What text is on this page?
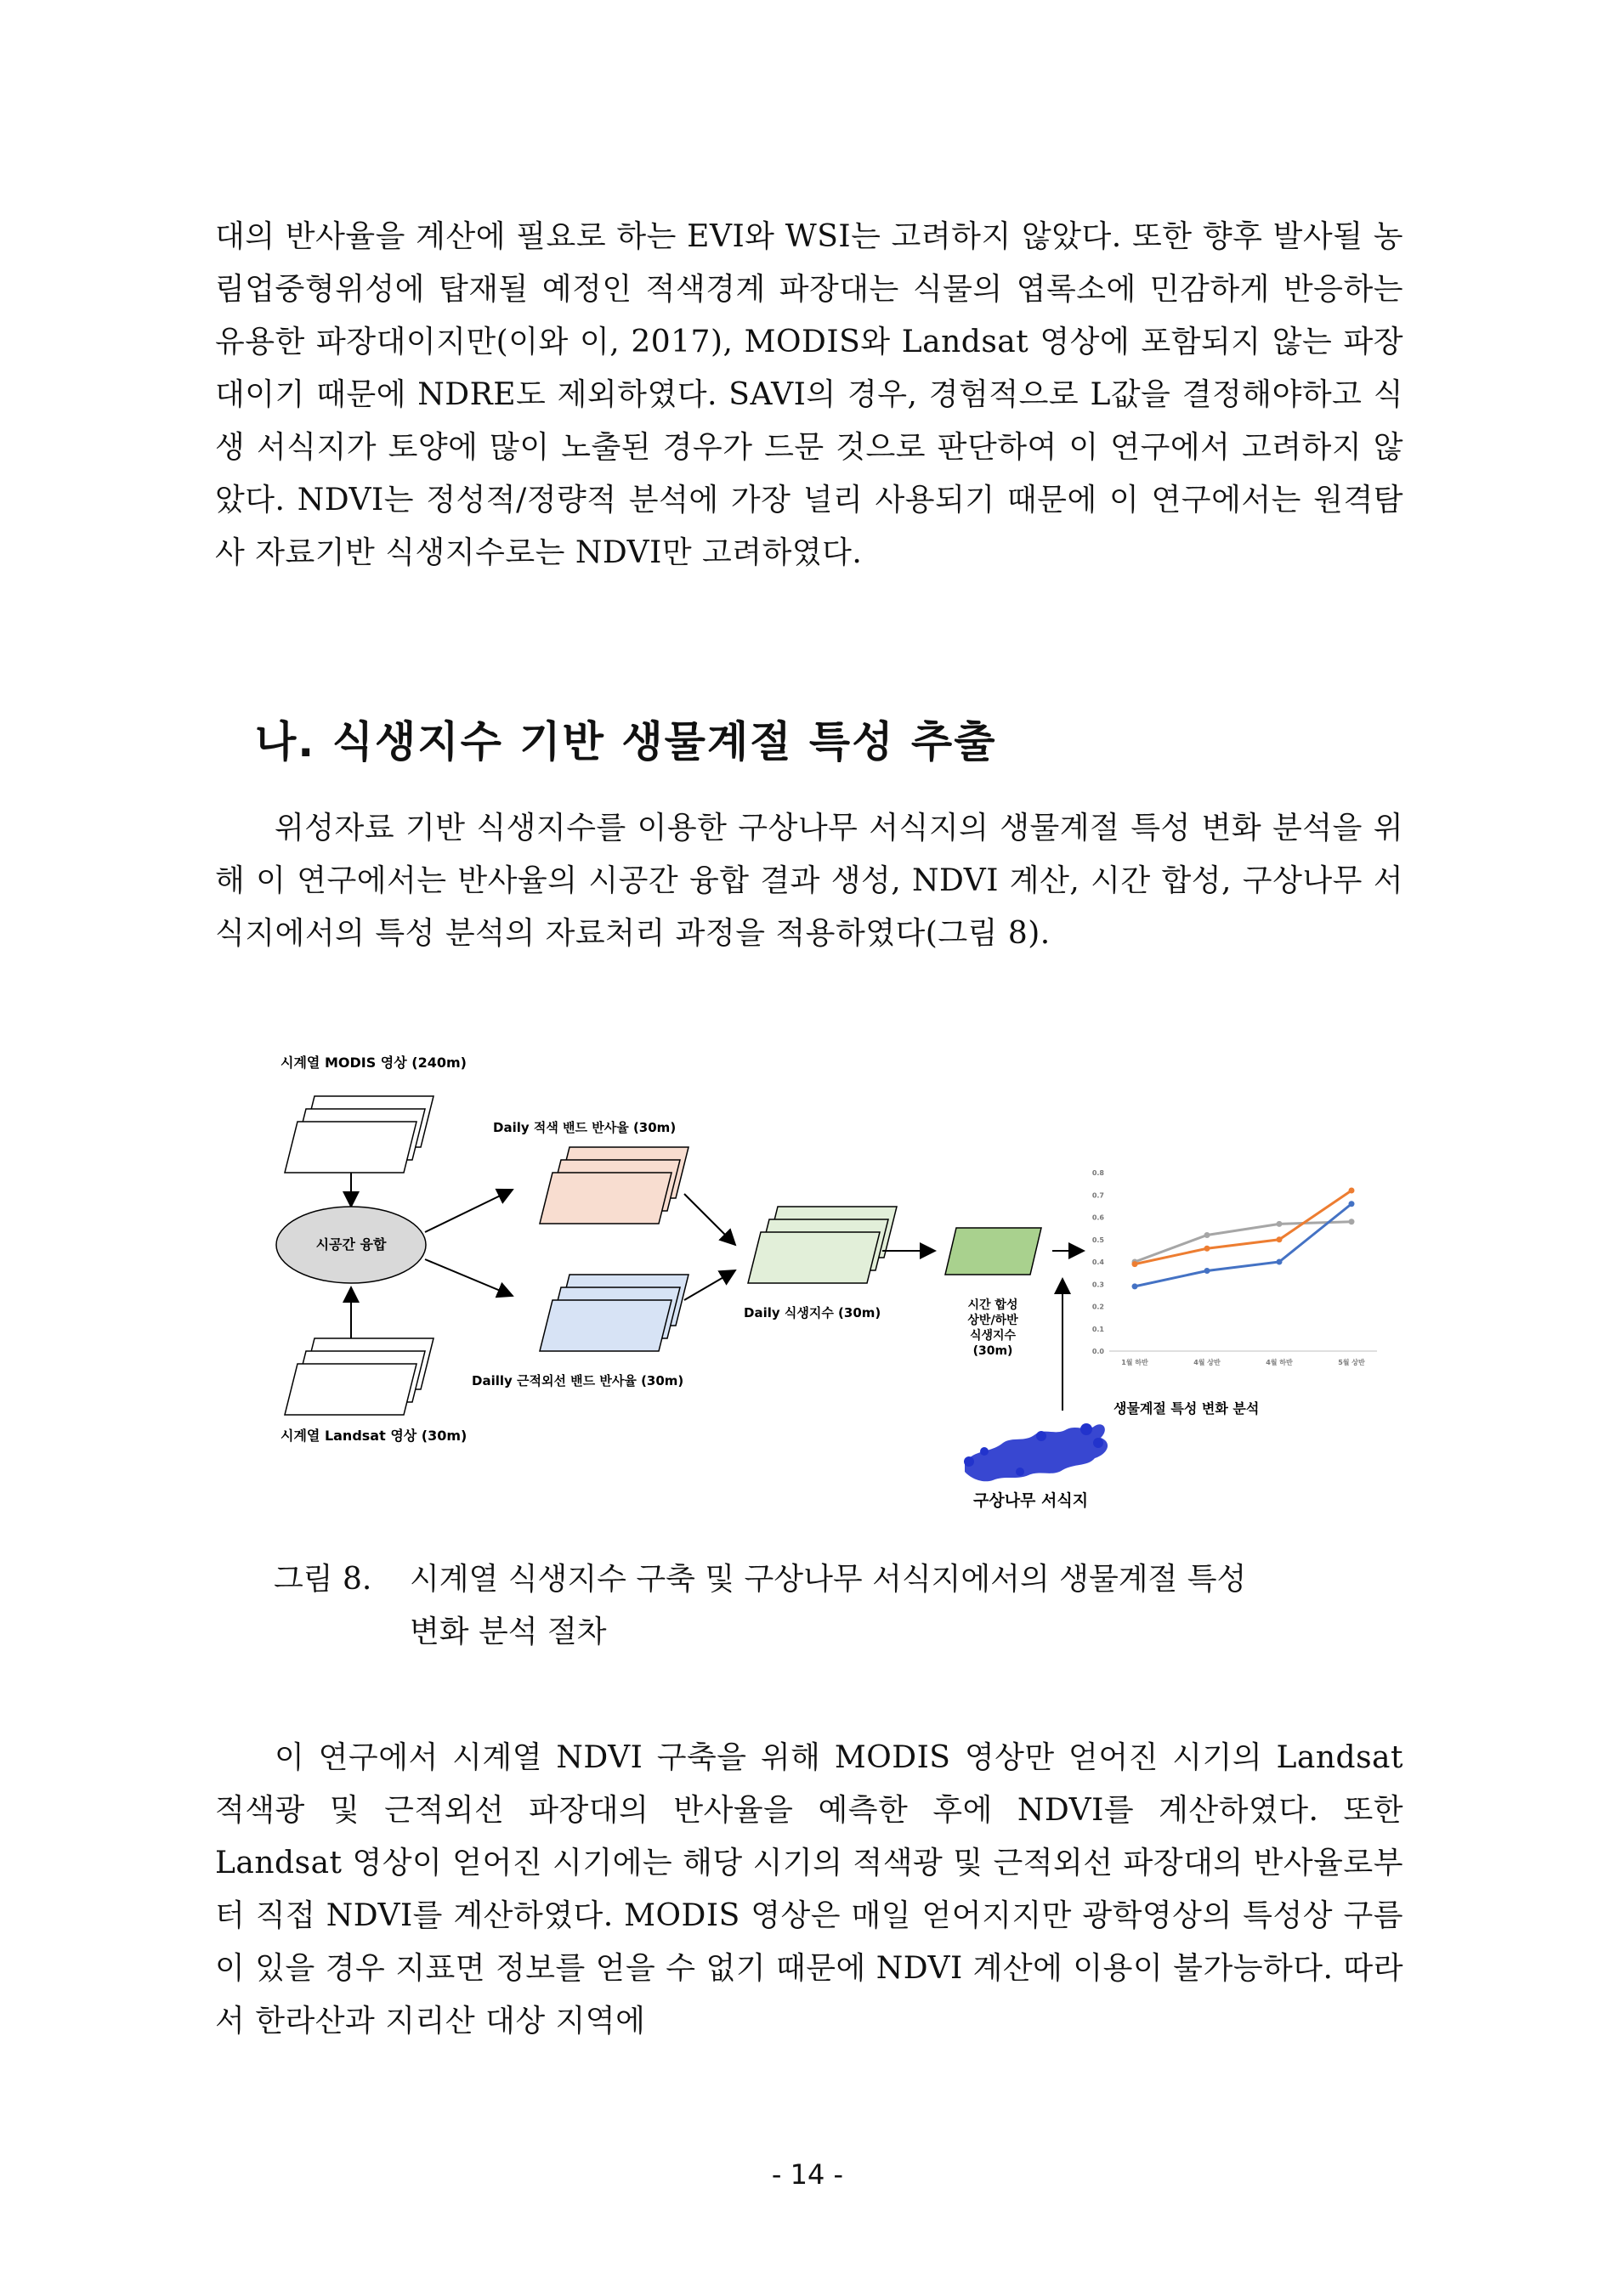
대의 반사율을 계산에 필요로 하는 EVI와 WSI는 고려하지 않았다. 또한 향후 발사될 농림업중형위성에 탑재될 예정인 적색경계 파장대는 식물의 엽록소에 민감하게 반응하는 유용한 파장대이지만(이와 이, 2017), MODIS와 Landsat 영상에 포함되지 않는 파장대이기 때문에 NDRE도 제외하였다. SAVI의 경우, 경험적으로 L값을 결정해야하고 식생 서식지가 토양에 많이 노출된 경우가 드문 것으로 판단하여 이 연구에서 고려하지 않았다. NDVI는 정성적/정량적 분석에 가장 널리 사용되기 때문에 이 연구에서는 원격탐사 자료기반 식생지수로는 NDVI만 고려하였다.

나. 식생지수 기반 생물계절 특성 추출

위성자료 기반 식생지수를 이용한 구상나무 서식지의 생물계절 특성 변화 분석을 위해 이 연구에서는 반사율의 시공간 융합 결과 생성, NDVI 계산, 시간 합성, 구상나무 서식지에서의 특성 분석의 자료처리 과정을 적용하였다(그림 8).

시계열 MODIS 영상 (240m)
시공간 융합
시계열 Landsat 영상 (30m)
Daily 적색 밴드 반사율 (30m)
Dailly 근적외선 밴드 반사율 (30m)
Daily 식생지수 (30m)	시간 합성
상반/하반
식생지수
(30m)
구상나무 서식지
생물계절 특성 변화 분석
0.0
0.1
0.2
0.3
0.4
0.5
0.6
0.7
0.8
1월 하반	4월 상반	4월 하반	5월 상반
그림 8. 시계열 식생지수 구축 및 구상나무 서식지에서의 생물계절 특성
변화 분석 절차

이 연구에서 시계열 NDVI 구축을 위해 MODIS 영상만 얻어진 시기의 Landsat 적색광 및 근적외선 파장대의 반사율을 예측한 후에 NDVI를 계산하였다. 또한 Landsat 영상이 얻어진 시기에는 해당 시기의 적색광 및 근적외선 파장대의 반사율로부터 직접 NDVI를 계산하였다. MODIS 영상은 매일 얻어지지만 광학영상의 특성상 구름이 있을 경우 지표면 정보를 얻을 수 없기 때문에 NDVI 계산에 이용이 불가능하다. 따라서 한라산과 지리산 대상 지역에

- 14 -
